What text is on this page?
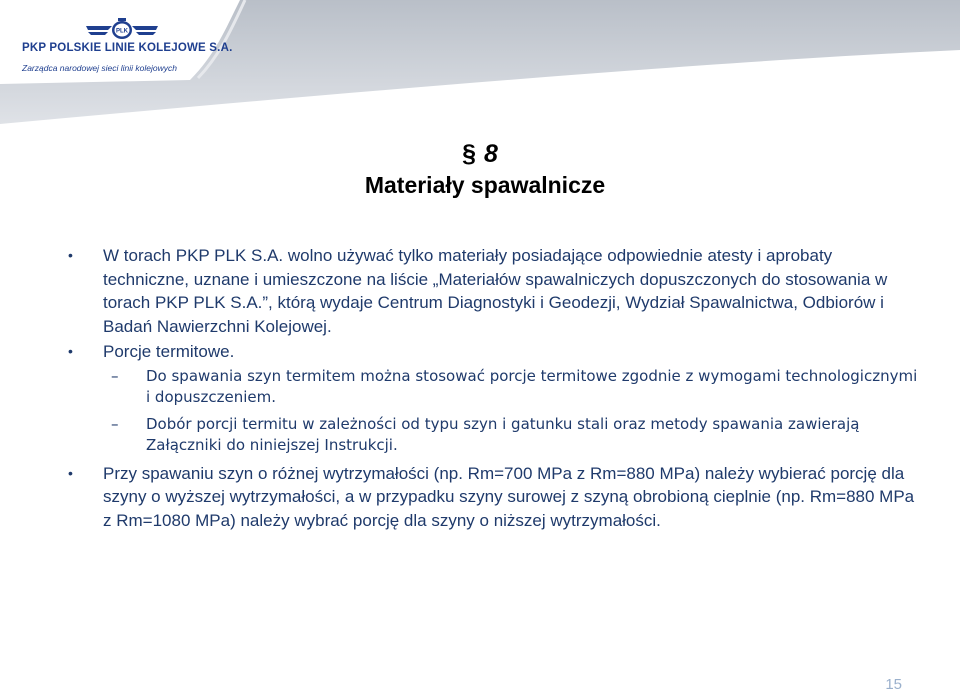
PLK
PKP POLSKIE LINIE KOLEJOWE S.A.
Zarządca narodowej sieci linii kolejowych
§ 8
Materiały spawalnicze
• W torach PKP PLK S.A. wolno używać tylko materiały posiadające odpowiednie atesty i aprobaty techniczne, uznane i umieszczone na liście „Materiałów spawalniczych dopuszczonych do stosowania w torach PKP PLK S.A.”, którą wydaje Centrum Diagnostyki i Geodezji, Wydział Spawalnictwa, Odbiorów i Badań Nawierzchni Kolejowej.
• Porcje termitowe.
– Do spawania szyn termitem można stosować porcje termitowe zgodnie z wymogami technologicznymi i dopuszczeniem.
– Dobór porcji termitu w zależności od typu szyn i gatunku stali oraz metody spawania zawierają Załączniki do niniejszej Instrukcji.
• Przy spawaniu szyn o różnej wytrzymałości (np. Rm=700 MPa z Rm=880 MPa) należy wybierać porcję dla szyny o wyższej wytrzymałości, a w przypadku szyny surowej z szyną obrobioną cieplnie (np. Rm=880 MPa z Rm=1080 MPa) należy wybrać porcję dla szyny o niższej wytrzymałości.
15
